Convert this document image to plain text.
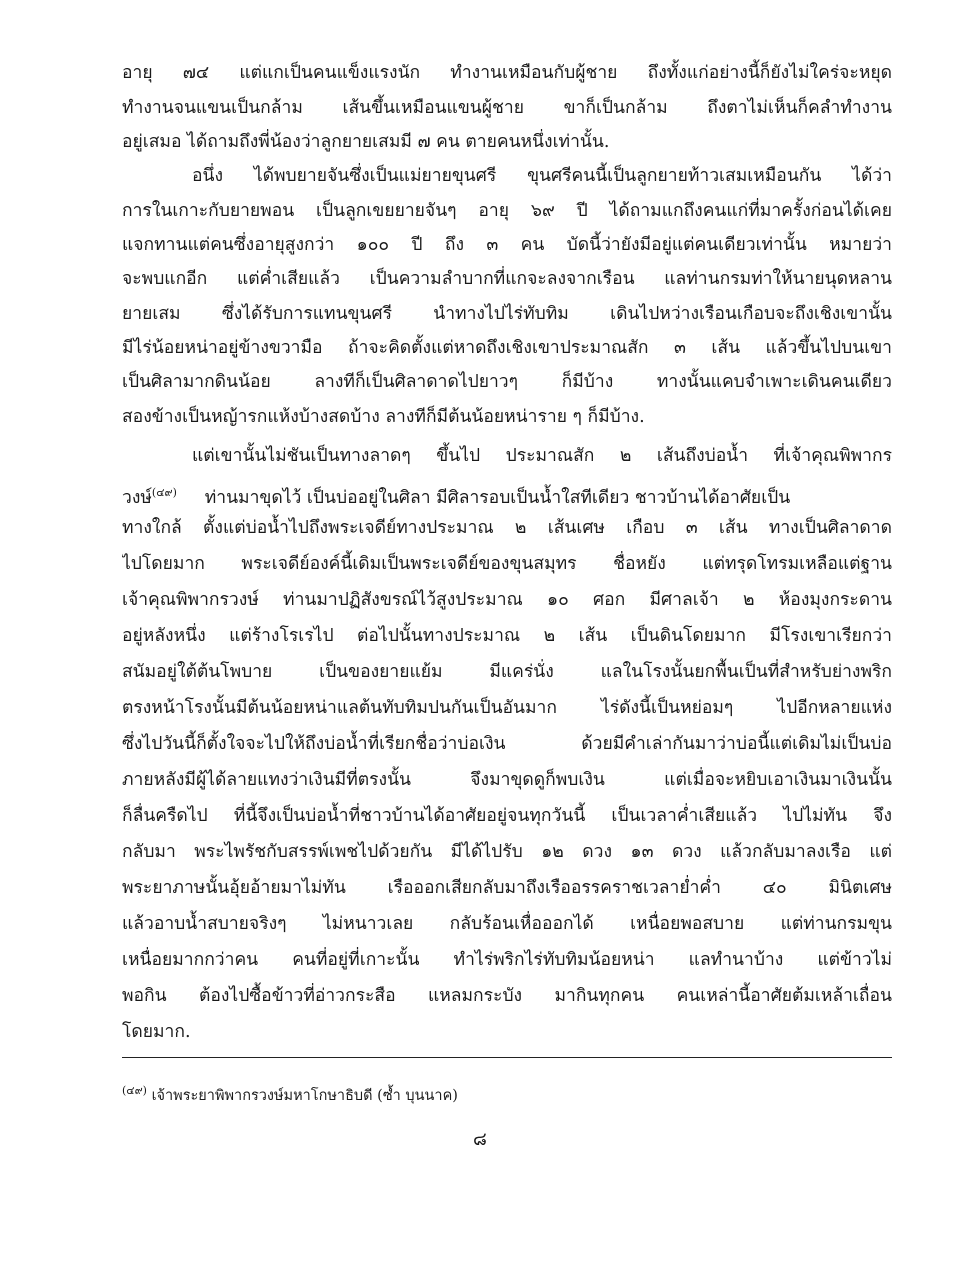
อายุ ๗๔ แต่แกเป็นคนแข็งแรงนัก ทำงานเหมือนกับผู้ชาย ถึงทั้งแก่อย่างนี้ก็ยังไม่ใคร่จะหยุด
ทำงานจนแขนเป็นกล้าม เส้นขึ้นเหมือนแขนผู้ชาย ขาก็เป็นกล้าม ถึงตาไม่เห็นก็คลำทำงาน
อยู่เสมอ ได้ถามถึงพี่น้องว่าลูกยายเสมมี ๗ คน ตายคนหนึ่งเท่านั้น.
อนึ่ง ได้พบยายจันซึ่งเป็นแม่ยายขุนศรี ขุนศรีคนนี้เป็นลูกยายท้าวเสมเหมือนกัน ได้ว่า
การในเกาะกับยายพอน เป็นลูกเขยยายจันๆ อายุ ๖๙ ปี ได้ถามแกถึงคนแก่ที่มาครั้งก่อนได้เคย
แจกทานแต่คนซึ่งอายุสูงกว่า ๑๐๐ ปี ถึง ๓ คน บัดนี้ว่ายังมีอยู่แต่คนเดียวเท่านั้น หมายว่า
จะพบแกอีก แต่ค่ำเสียแล้ว เป็นความลำบากที่แกจะลงจากเรือน แลท่านกรมท่าให้นายนุดหลาน
ยายเสม ซึ่งได้รับการแทนขุนศรี นำทางไปไร่ทับทิม เดินไปหว่างเรือนเกือบจะถึงเชิงเขานั้น
มีไร่น้อยหน่าอยู่ข้างขวามือ ถ้าจะคิดตั้งแต่หาดถึงเชิงเขาประมาณสัก ๓ เส้น แล้วขึ้นไปบนเขา
เป็นศิลามากดินน้อย ลางทีก็เป็นศิลาดาดไปยาวๆ ก็มีบ้าง ทางนั้นแคบจำเพาะเดินคนเดียว
สองข้างเป็นหญ้ารกแห้งบ้างสดบ้าง ลางทีก็มีต้นน้อยหน่าราย ๆ ก็มีบ้าง.
แต่เขานั้นไม่ชันเป็นทางลาดๆ ขึ้นไป ประมาณสัก ๒ เส้นถึงบ่อน้ำ ที่เจ้าคุณพิพากร
วงษ์$^{(๔๙)}$ ท่านมาขุดไว้ เป็นบ่ออยู่ในศิลา มีศิลารอบเป็นน้ำใสทีเดียว ชาวบ้านได้อาศัยเป็น
ทางใกล้ ตั้งแต่บ่อน้ำไปถึงพระเจดีย์ทางประมาณ ๒ เส้นเศษ เกือบ ๓ เส้น ทางเป็นศิลาดาด
ไปโดยมาก พระเจดีย์องค์นี้เดิมเป็นพระเจดีย์ของขุนสมุทร ชื่อหยัง แต่ทรุดโทรมเหลือแต่ฐาน
เจ้าคุณพิพากรวงษ์ ท่านมาปฏิสังขรณ์ไว้สูงประมาณ ๑๐ ศอก มีศาลเจ้า ๒ ห้องมุงกระดาน
อยู่หลังหนึ่ง แต่ร้างโรเรไป ต่อไปนั้นทางประมาณ ๒ เส้น เป็นดินโดยมาก มีโรงเขาเรียกว่า
สนัมอยู่ใต้ต้นโพบาย เป็นของยายแย้ม มีแคร่นั่ง แลในโรงนั้นยกพื้นเป็นที่สำหรับย่างพริก
ตรงหน้าโรงนั้นมีต้นน้อยหน่าแลต้นทับทิมปนกันเป็นอันมาก ไร่ดังนี้เป็นหย่อมๆ ไปอีกหลายแห่ง
ซึ่งไปวันนี้ก็ตั้งใจจะไปให้ถึงบ่อน้ำที่เรียกชื่อว่าบ่อเงิน ด้วยมีคำเล่ากันมาว่าบ่อนี้แต่เดิมไม่เป็นบ่อ
ภายหลังมีผู้ได้ลายแทงว่าเงินมีที่ตรงนั้น จึงมาขุดดูก็พบเงิน แต่เมื่อจะหยิบเอาเงินมาเงินนั้น
ก็ลื่นครืดไป ที่นี้จึงเป็นบ่อน้ำที่ชาวบ้านได้อาศัยอยู่จนทุกวันนี้ เป็นเวลาค่ำเสียแล้ว ไปไม่ทัน จึง
กลับมา พระไพรัชกับสรรพ์เพชไปด้วยกัน มีได้ไปรับ ๑๒ ดวง ๑๓ ดวง แล้วกลับมาลงเรือ แต่
พระยาภาษนั้นอุ้ยอ้ายมาไม่ทัน เรือออกเสียกลับมาถึงเรืออรรคราชเวลาย่ำค่ำ ๔๐ มินิตเศษ
แล้วอาบน้ำสบายจริงๆ ไม่หนาวเลย กลับร้อนเหื่อออกได้ เหนื่อยพอสบาย แต่ท่านกรมขุน
เหนื่อยมากกว่าคน คนที่อยู่ที่เกาะนั้น ทำไร่พริกไร่ทับทิมน้อยหน่า แลทำนาบ้าง แต่ข้าวไม่
พอกิน ต้องไปซื้อข้าวที่อ่าวกระสือ แหลมกระบัง มากินทุกคน คนเหล่านี้อาศัยต้มเหล้าเถื่อน
โดยมาก.
$^{(๔๙)}$ เจ้าพระยาพิพากรวงษ์มหาโกษาธิบดี (ซ้ำ บุนนาค)
๘
